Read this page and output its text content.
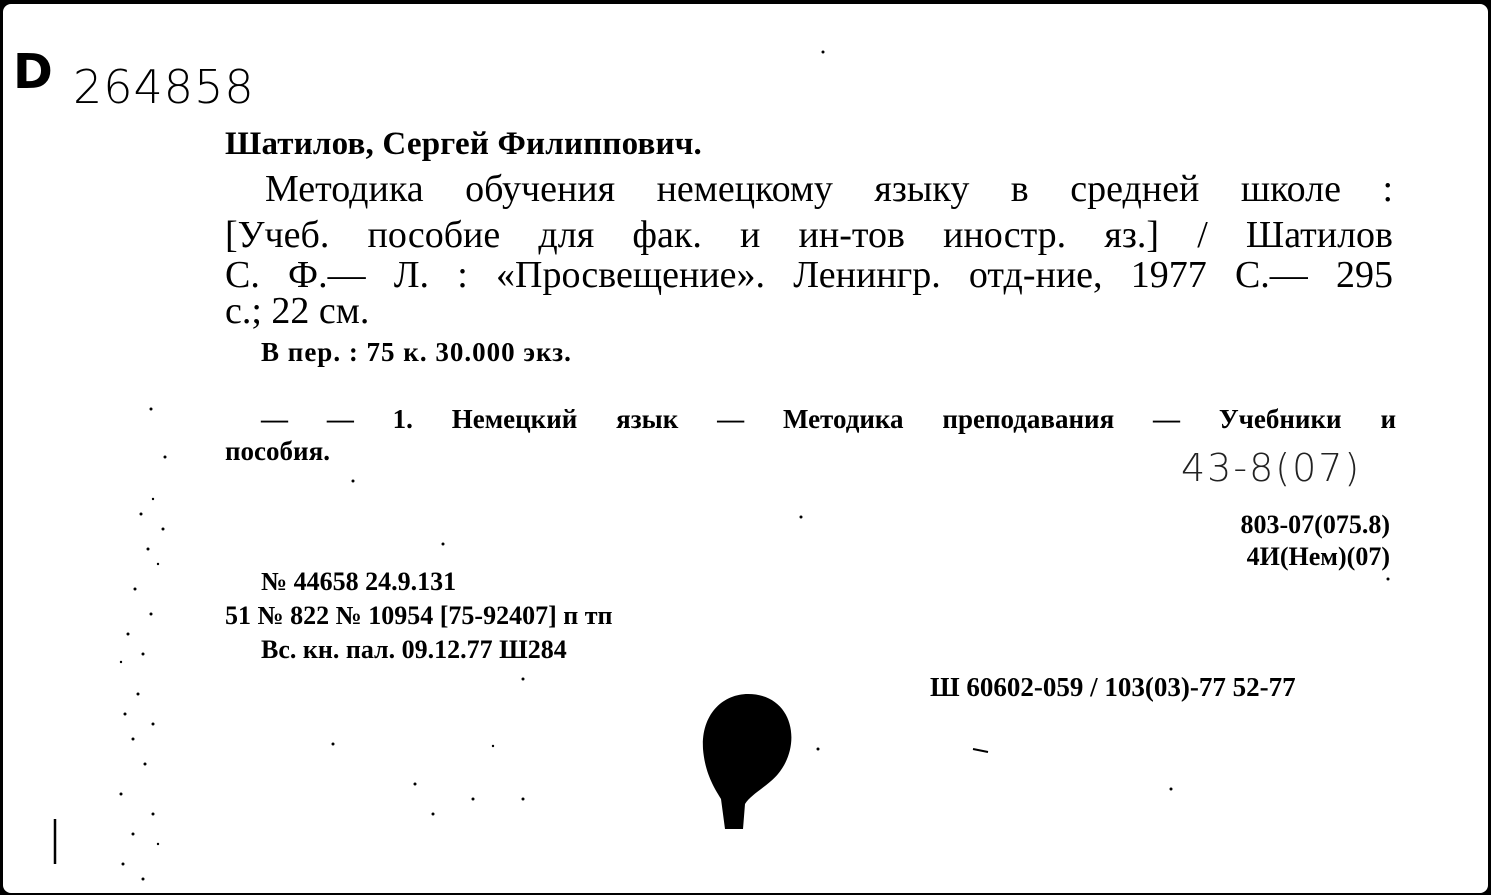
D 264858
Шатилов, Сергей Филиппович.
Методика обучения немецкому языку в средней школе :
[Учеб. пособие для фак. и ин-тов иностр. яз.] / Шатилов
С. Ф.— Л. : «Просвещение». Ленингр. отд-ние, 1977 С.— 295
с.; 22 см.
В пер. : 75 к. 30.000 экз.
— — 1. Немецкий язык — Методика преподавания — Учебники и
пособия.	43-8(07)
803-07(075.8)
4И(Нем)(07)
№ 44658 24.9.131
51 № 822 № 10954 [75-92407] п тп
Вс. кн. пал. 09.12.77 Ш284
Ш 60602-059 / 103(03)-77 52-77
